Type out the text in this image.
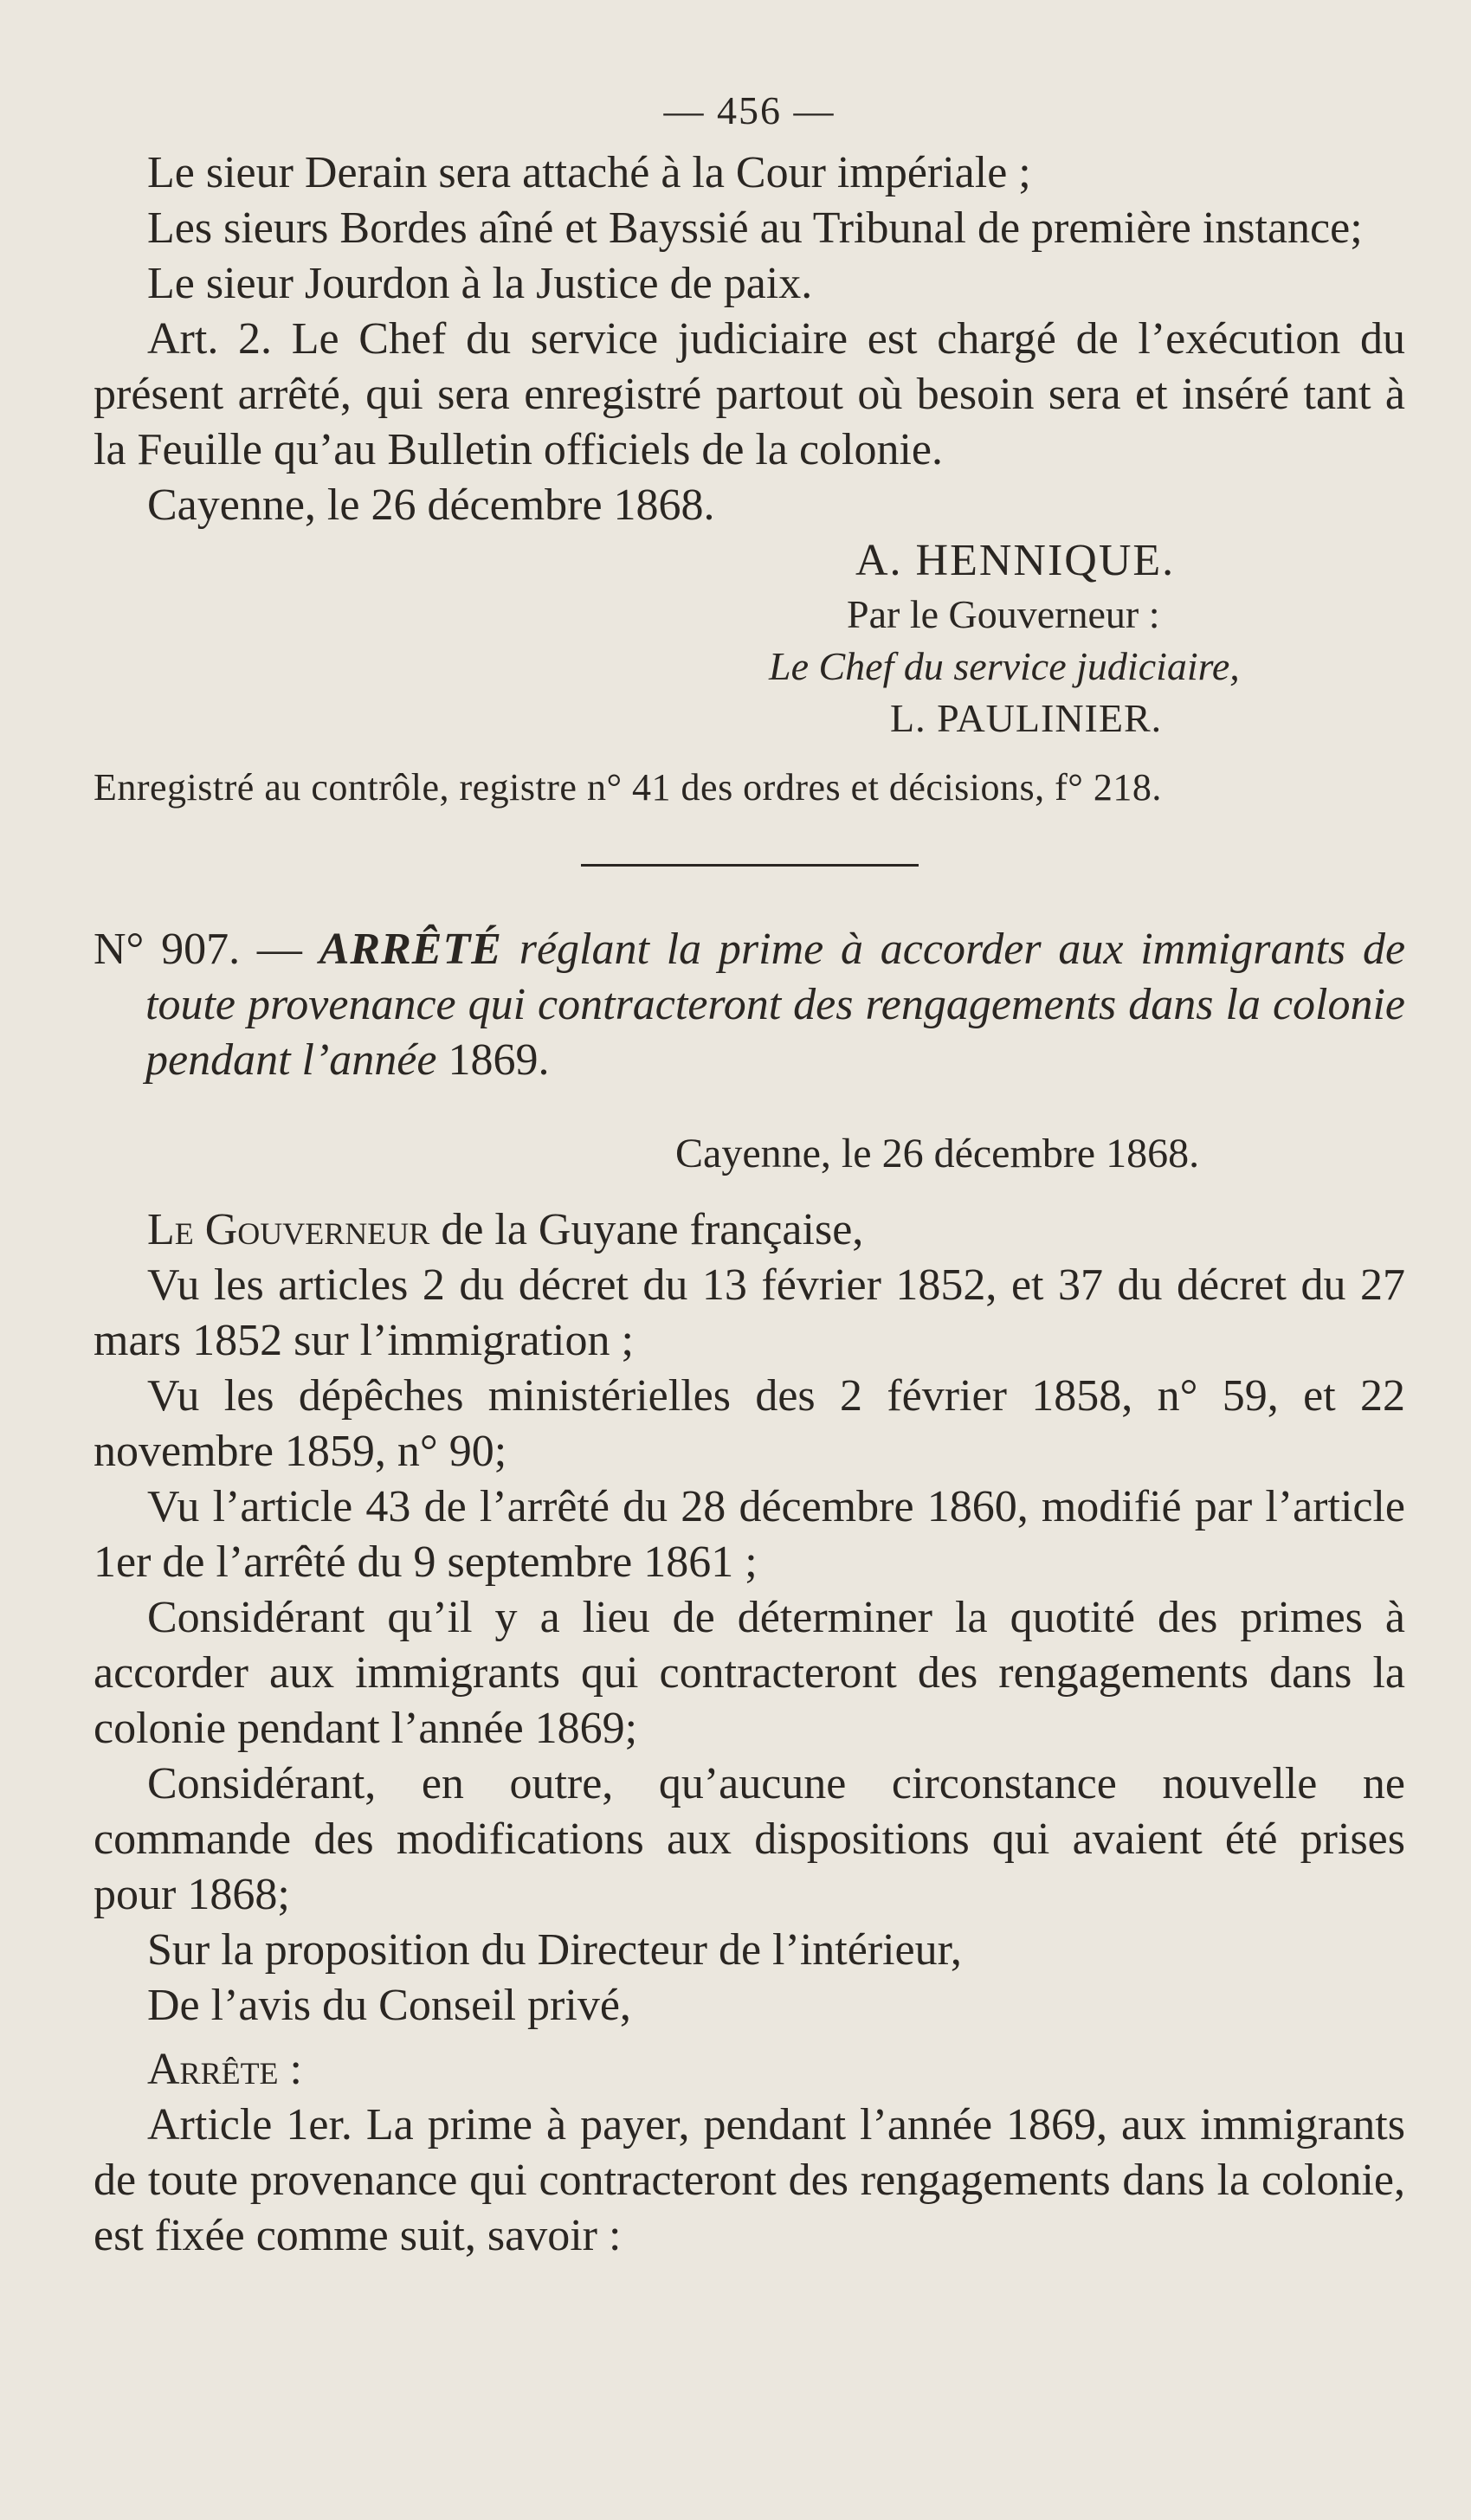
— 456 —

Le sieur Derain sera attaché à la Cour impériale ;

Les sieurs Bordes aîné et Bayssié au Tribunal de première instance;

Le sieur Jourdon à la Justice de paix.

Art. 2. Le Chef du service judiciaire est chargé de l’exécution du présent arrêté, qui sera enregistré partout où besoin sera et inséré tant à la Feuille qu’au Bulletin officiels de la colonie.

Cayenne, le 26 décembre 1868.

A. HENNIQUE.

Par le Gouverneur :

Le Chef du service judiciaire,

L. PAULINIER.

Enregistré au contrôle, registre n° 41 des ordres et décisions, f° 218.

N° 907. — ARRÊTÉ réglant la prime à accorder aux immigrants de toute provenance qui contracteront des rengagements dans la colonie pendant l’année 1869.

Cayenne, le 26 décembre 1868.

Le Gouverneur de la Guyane française,

Vu les articles 2 du décret du 13 février 1852, et 37 du décret du 27 mars 1852 sur l’immigration ;

Vu les dépêches ministérielles des 2 février 1858, n° 59, et 22 novembre 1859, n° 90;

Vu l’article 43 de l’arrêté du 28 décembre 1860, modifié par l’article 1er de l’arrêté du 9 septembre 1861 ;

Considérant qu’il y a lieu de déterminer la quotité des primes à accorder aux immigrants qui contracteront des rengagements dans la colonie pendant l’année 1869;

Considérant, en outre, qu’aucune circonstance nouvelle ne commande des modifications aux dispositions qui avaient été prises pour 1868;

Sur la proposition du Directeur de l’intérieur,

De l’avis du Conseil privé,

Arrête :

Article 1er. La prime à payer, pendant l’année 1869, aux immigrants de toute provenance qui contracteront des rengagements dans la colonie, est fixée comme suit, savoir :
